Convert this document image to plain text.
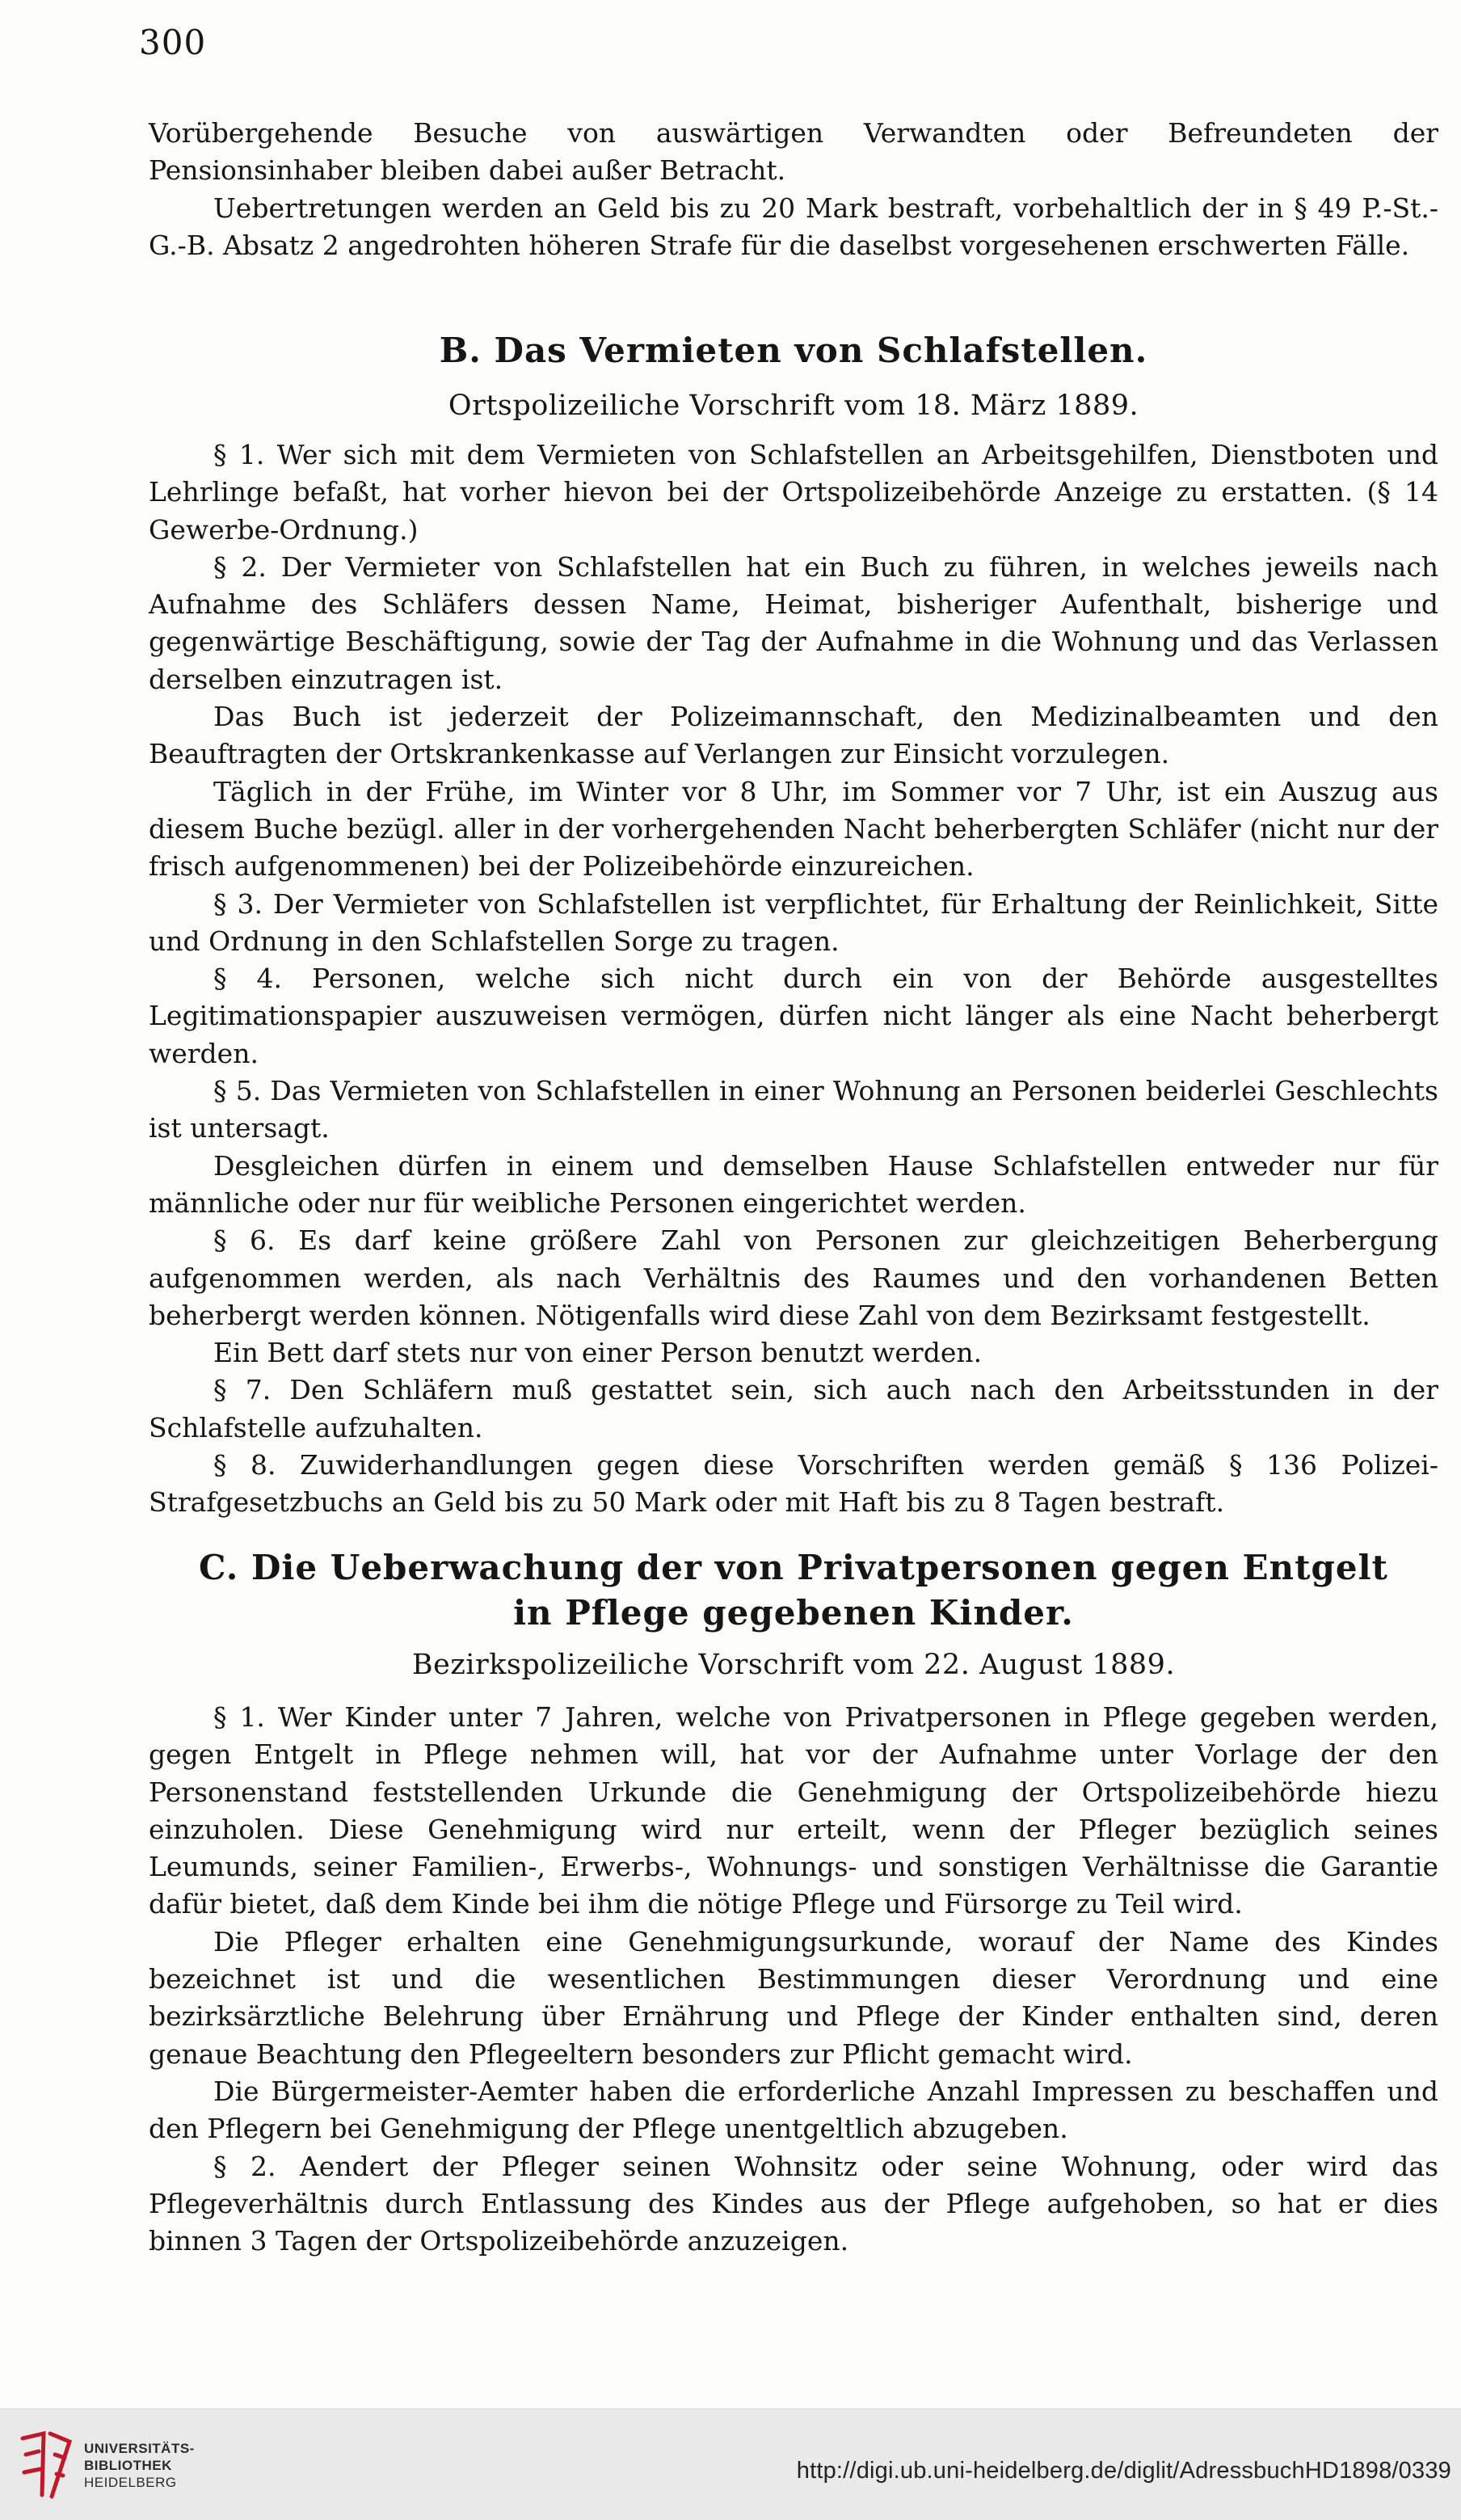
300

Vorübergehende Besuche von auswärtigen Verwandten oder Befreundeten der Pensionsinhaber bleiben dabei außer Betracht.

Uebertretungen werden an Geld bis zu 20 Mark bestraft, vorbehaltlich der in § 49 P.-St.-G.-B. Absatz 2 angedrohten höheren Strafe für die daselbst vorgesehenen erschwerten Fälle.

B. Das Vermieten von Schlafstellen.

Ortspolizeiliche Vorschrift vom 18. März 1889.

§ 1. Wer sich mit dem Vermieten von Schlafstellen an Arbeitsgehilfen, Dienstboten und Lehrlinge befaßt, hat vorher hievon bei der Ortspolizeibehörde Anzeige zu erstatten. (§ 14 Gewerbe-Ordnung.)

§ 2. Der Vermieter von Schlafstellen hat ein Buch zu führen, in welches jeweils nach Aufnahme des Schläfers dessen Name, Heimat, bisheriger Aufenthalt, bisherige und gegenwärtige Beschäftigung, sowie der Tag der Aufnahme in die Wohnung und das Verlassen derselben einzutragen ist.

Das Buch ist jederzeit der Polizeimannschaft, den Medizinalbeamten und den Beauftragten der Ortskrankenkasse auf Verlangen zur Einsicht vorzulegen.

Täglich in der Frühe, im Winter vor 8 Uhr, im Sommer vor 7 Uhr, ist ein Auszug aus diesem Buche bezügl. aller in der vorhergehenden Nacht beherbergten Schläfer (nicht nur der frisch aufgenommenen) bei der Polizeibehörde einzureichen.

§ 3. Der Vermieter von Schlafstellen ist verpflichtet, für Erhaltung der Reinlichkeit, Sitte und Ordnung in den Schlafstellen Sorge zu tragen.

§ 4. Personen, welche sich nicht durch ein von der Behörde ausgestelltes Legitimationspapier auszuweisen vermögen, dürfen nicht länger als eine Nacht beherbergt werden.

§ 5. Das Vermieten von Schlafstellen in einer Wohnung an Personen beiderlei Geschlechts ist untersagt.

Desgleichen dürfen in einem und demselben Hause Schlafstellen entweder nur für männliche oder nur für weibliche Personen eingerichtet werden.

§ 6. Es darf keine größere Zahl von Personen zur gleichzeitigen Beherbergung aufgenommen werden, als nach Verhältnis des Raumes und den vorhandenen Betten beherbergt werden können. Nötigenfalls wird diese Zahl von dem Bezirksamt festgestellt.

Ein Bett darf stets nur von einer Person benutzt werden.

§ 7. Den Schläfern muß gestattet sein, sich auch nach den Arbeitsstunden in der Schlafstelle aufzuhalten.

§ 8. Zuwiderhandlungen gegen diese Vorschriften werden gemäß § 136 Polizei-Strafgesetzbuchs an Geld bis zu 50 Mark oder mit Haft bis zu 8 Tagen bestraft.

C. Die Ueberwachung der von Privatpersonen gegen Entgelt in Pflege gegebenen Kinder.

Bezirkspolizeiliche Vorschrift vom 22. August 1889.

§ 1. Wer Kinder unter 7 Jahren, welche von Privatpersonen in Pflege gegeben werden, gegen Entgelt in Pflege nehmen will, hat vor der Aufnahme unter Vorlage der den Personenstand feststellenden Urkunde die Genehmigung der Ortspolizeibehörde hiezu einzuholen. Diese Genehmigung wird nur erteilt, wenn der Pfleger bezüglich seines Leumunds, seiner Familien-, Erwerbs-, Wohnungs- und sonstigen Verhältnisse die Garantie dafür bietet, daß dem Kinde bei ihm die nötige Pflege und Fürsorge zu Teil wird.

Die Pfleger erhalten eine Genehmigungsurkunde, worauf der Name des Kindes bezeichnet ist und die wesentlichen Bestimmungen dieser Verordnung und eine bezirksärztliche Belehrung über Ernährung und Pflege der Kinder enthalten sind, deren genaue Beachtung den Pflegeeltern besonders zur Pflicht gemacht wird.

Die Bürgermeister-Aemter haben die erforderliche Anzahl Impressen zu beschaffen und den Pflegern bei Genehmigung der Pflege unentgeltlich abzugeben.

§ 2. Aendert der Pfleger seinen Wohnsitz oder seine Wohnung, oder wird das Pflegeverhältnis durch Entlassung des Kindes aus der Pflege aufgehoben, so hat er dies binnen 3 Tagen der Ortspolizeibehörde anzuzeigen.

UNIVERSITÄTS-
BIBLIOTHEK
HEIDELBERG	http://digi.ub.uni-heidelberg.de/diglit/AdressbuchHD1898/0339
